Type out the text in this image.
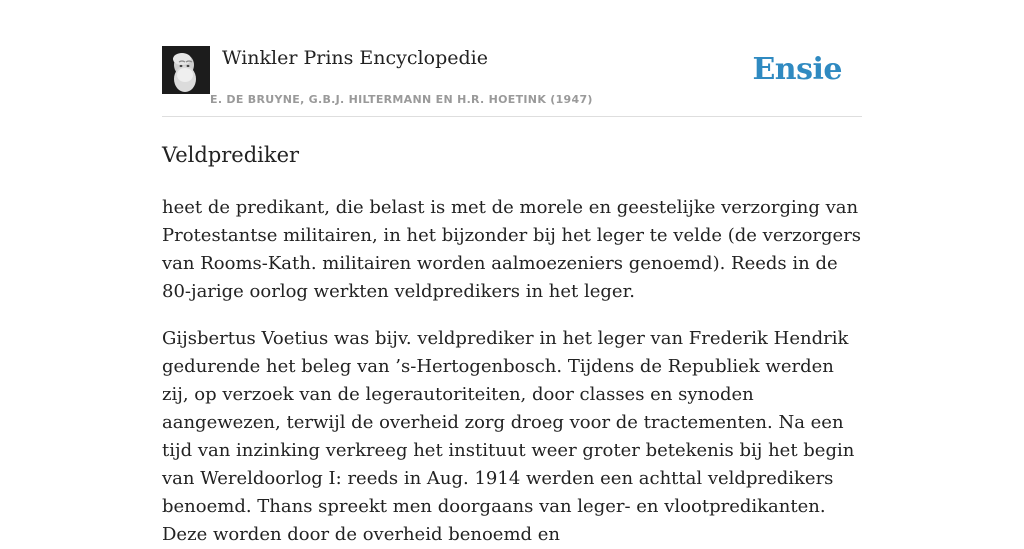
Winkler Prins Encyclopedie
E. DE BRUYNE, G.B.J. HILTERMANN EN H.R. HOETINK (1947)
Ensie
Veldprediker

heet de predikant, die belast is met de morele en geestelijke verzorging van Protestantse militairen, in het bijzonder bij het leger te velde (de verzorgers van Rooms-Kath. militairen worden aalmoezeniers genoemd). Reeds in de 80-jarige oorlog werkten veldpredikers in het leger.

Gijsbertus Voetius was bijv. veldprediker in het leger van Frederik Hendrik gedurende het beleg van ’s-Hertogenbosch. Tijdens de Republiek werden zij, op verzoek van de legerautoriteiten, door classes en synoden aangewezen, terwijl de overheid zorg droeg voor de tractementen. Na een tijd van inzinking verkreeg het instituut weer groter betekenis bij het begin van Wereldoorlog I: reeds in Aug. 1914 werden een achttal veldpredikers benoemd. Thans spreekt men doorgaans van leger- en vlootpredikanten. Deze worden door de overheid benoemd en
